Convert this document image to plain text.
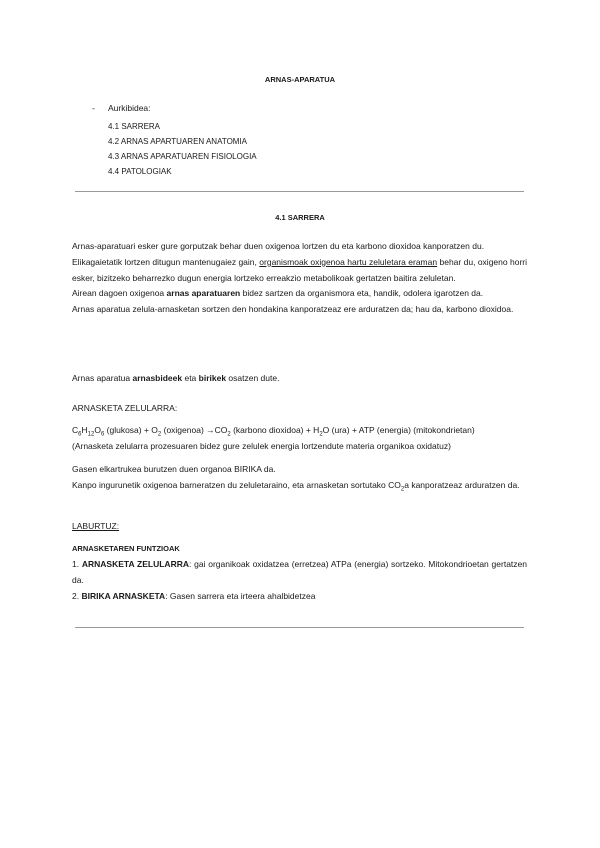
ARNAS-APARATUA
- Aurkibidea:
4.1 SARRERA
4.2 ARNAS APARTUAREN ANATOMIA
4.3 ARNAS APARATUAREN FISIOLOGIA
4.4 PATOLOGIAK
4.1 SARRERA

Arnas-aparatuari esker gure gorputzak behar duen oxigenoa lortzen du eta karbono dioxidoa kanporatzen du.

Elikagaietatik lortzen ditugun mantenugaiez gain, organismoak oxigenoa hartu zeluletara eraman behar du, oxigeno horri esker, bizitzeko beharrezko dugun energia lortzeko erreakzio metabolikoak gertatzen baitira zeluletan.

Airean dagoen oxigenoa arnas aparatuaren bidez sartzen da organismora eta, handik, odolera igarotzen da.

Arnas aparatua zelula-arnasketan sortzen den hondakina kanporatzeaz ere arduratzen da; hau da, karbono dioxidoa.

Arnas aparatua arnasbideek eta birikek osatzen dute.

ARNASKETA ZELULARRA:

$C_6H_{12}O_6$ (glukosa) + $O_2$ (oxigenoa) $\to CO_2$ (karbono dioxidoa) + $H_2O$ (ura) + ATP (energia) (mitokondrietan)

(Arnasketa zelularra prozesuaren bidez gure zelulek energia lortzendute materia organikoa oxidatuz)

Gasen elkartrukea burutzen duen organoa BIRIKA da.
Kanpo ingurunetik oxigenoa barneratzen du zeluletaraino, eta arnasketan sortutako $CO_2a$ kanporatzeaz arduratzen da.
LABURTUZ:
ARNASKETAREN FUNTZIOAK

1. ARNASKETA ZELULARRA: gai organikoak oxidatzea (erretzea) ATPa (energia) sortzeko. Mitokondrioetan gertatzen da.

2. BIRIKA ARNASKETA: Gasen sarrera eta irteera ahalbidetzea
